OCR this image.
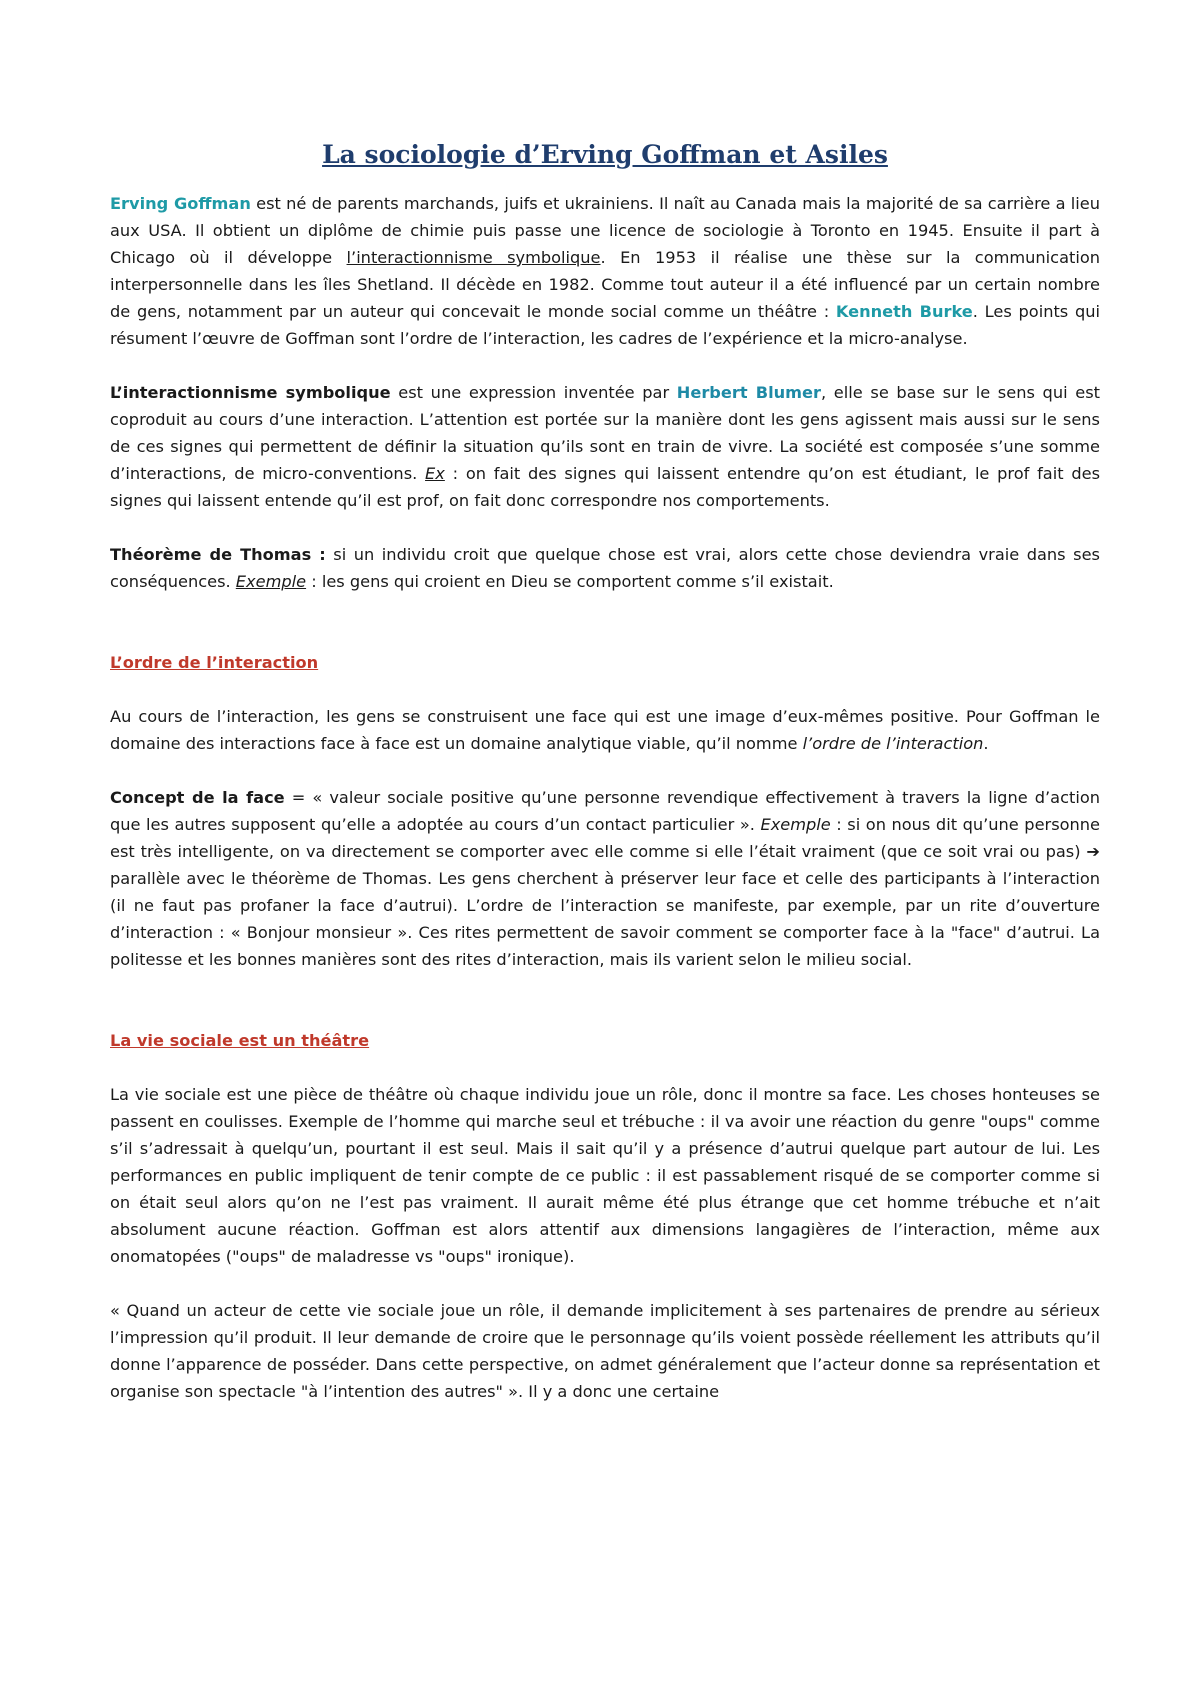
La sociologie d’Erving Goffman et Asiles

Erving Goffman est né de parents marchands, juifs et ukrainiens. Il naît au Canada mais la majorité de sa carrière a lieu aux USA. Il obtient un diplôme de chimie puis passe une licence de sociologie à Toronto en 1945. Ensuite il part à Chicago où il développe l’interactionnisme symbolique. En 1953 il réalise une thèse sur la communication interpersonnelle dans les îles Shetland. Il décède en 1982. Comme tout auteur il a été influencé par un certain nombre de gens, notamment par un auteur qui concevait le monde social comme un théâtre : Kenneth Burke. Les points qui résument l’œuvre de Goffman sont l’ordre de l’interaction, les cadres de l’expérience et la micro-analyse.

L’interactionnisme symbolique est une expression inventée par Herbert Blumer, elle se base sur le sens qui est coproduit au cours d’une interaction. L’attention est portée sur la manière dont les gens agissent mais aussi sur le sens de ces signes qui permettent de définir la situation qu’ils sont en train de vivre. La société est composée s’une somme d’interactions, de micro-conventions. Ex : on fait des signes qui laissent entendre qu’on est étudiant, le prof fait des signes qui laissent entende qu’il est prof, on fait donc correspondre nos comportements.

Théorème de Thomas : si un individu croit que quelque chose est vrai, alors cette chose deviendra vraie dans ses conséquences. Exemple : les gens qui croient en Dieu se comportent comme s’il existait.

L’ordre de l’interaction

Au cours de l’interaction, les gens se construisent une face qui est une image d’eux-mêmes positive. Pour Goffman le domaine des interactions face à face est un domaine analytique viable, qu’il nomme l’ordre de l’interaction.

Concept de la face = « valeur sociale positive qu’une personne revendique effectivement à travers la ligne d’action que les autres supposent qu’elle a adoptée au cours d’un contact particulier ». Exemple : si on nous dit qu’une personne est très intelligente, on va directement se comporter avec elle comme si elle l’était vraiment (que ce soit vrai ou pas) ➔ parallèle avec le théorème de Thomas. Les gens cherchent à préserver leur face et celle des participants à l’interaction (il ne faut pas profaner la face d’autrui). L’ordre de l’interaction se manifeste, par exemple, par un rite d’ouverture d’interaction : « Bonjour monsieur ». Ces rites permettent de savoir comment se comporter face à la "face" d’autrui. La politesse et les bonnes manières sont des rites d’interaction, mais ils varient selon le milieu social.

La vie sociale est un théâtre

La vie sociale est une pièce de théâtre où chaque individu joue un rôle, donc il montre sa face. Les choses honteuses se passent en coulisses. Exemple de l’homme qui marche seul et trébuche : il va avoir une réaction du genre "oups" comme s’il s’adressait à quelqu’un, pourtant il est seul. Mais il sait qu’il y a présence d’autrui quelque part autour de lui. Les performances en public impliquent de tenir compte de ce public : il est passablement risqué de se comporter comme si on était seul alors qu’on ne l’est pas vraiment. Il aurait même été plus étrange que cet homme trébuche et n’ait absolument aucune réaction. Goffman est alors attentif aux dimensions langagières de l’interaction, même aux onomatopées ("oups" de maladresse vs "oups" ironique).

« Quand un acteur de cette vie sociale joue un rôle, il demande implicitement à ses partenaires de prendre au sérieux l’impression qu’il produit. Il leur demande de croire que le personnage qu’ils voient possède réellement les attributs qu’il donne l’apparence de posséder. Dans cette perspective, on admet généralement que l’acteur donne sa représentation et organise son spectacle "à l’intention des autres" ». Il y a donc une certaine
